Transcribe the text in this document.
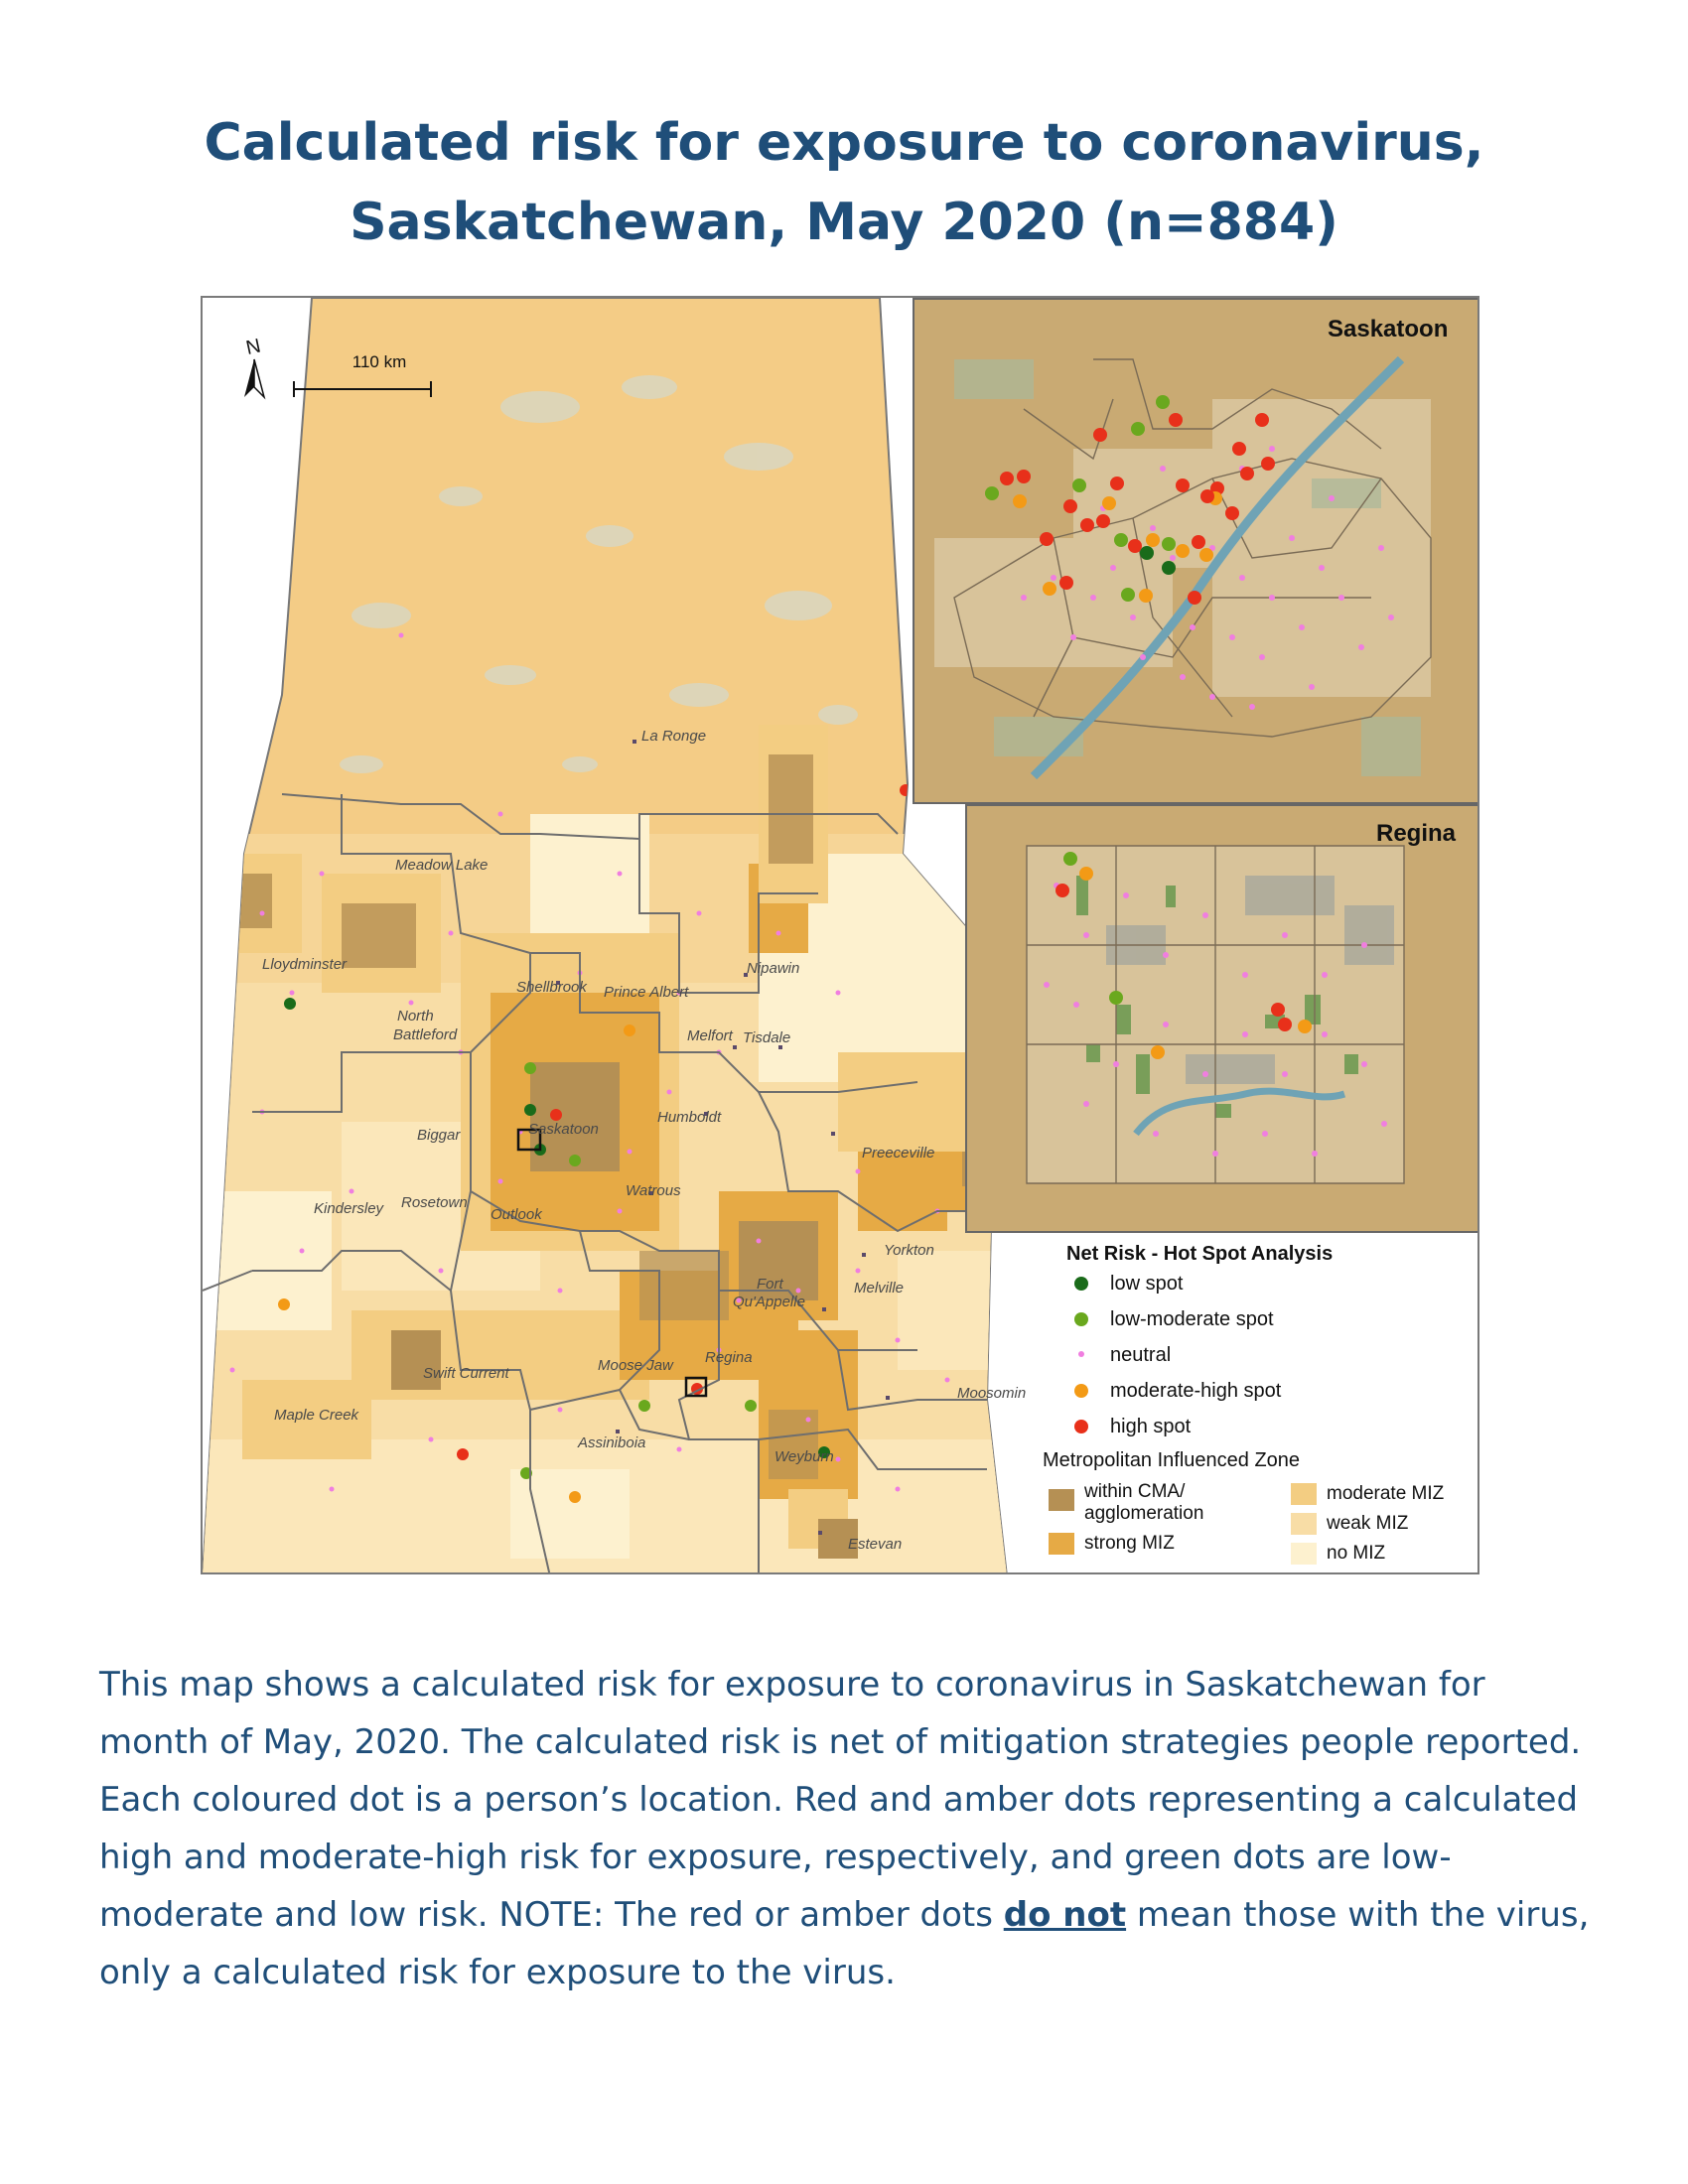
Calculated risk for exposure to coronavirus,
Saskatchewan, May 2020 (n=884)
N
110 km
La Ronge
Meadow Lake
Lloydminster
Shellbrook Prince Albert
Nipawin
North
Battleford	Melfort Tisdale
Biggar	Saskatoon
Humboldt
Preeceville
Kindersley Rosetown
Outlook
Watrous
Yorkton
Fort
Qu'Appelle
Melville
Swift Current	Moose Jaw Regina
Moosomin
Maple Creek
Assiniboia
Weyburn
Estevan
Saskatoon
Regina
Net Risk - Hot Spot Analysis
low spot
low-moderate spot
neutral
moderate-high spot
high spot
Metropolitan Influenced Zone
within CMA/
agglomeration
strong MIZ
moderate MIZ
weak MIZ
no MIZ
This map shows a calculated risk for exposure to coronavirus in Saskatchewan for month of May, 2020. The calculated risk is net of mitigation strategies people reported. Each coloured dot is a person’s location. Red and amber dots representing a calculated high and moderate-high risk for exposure, respectively, and green dots are low-moderate and low risk. NOTE: The red or amber dots do not mean those with the virus, only a calculated risk for exposure to the virus.
